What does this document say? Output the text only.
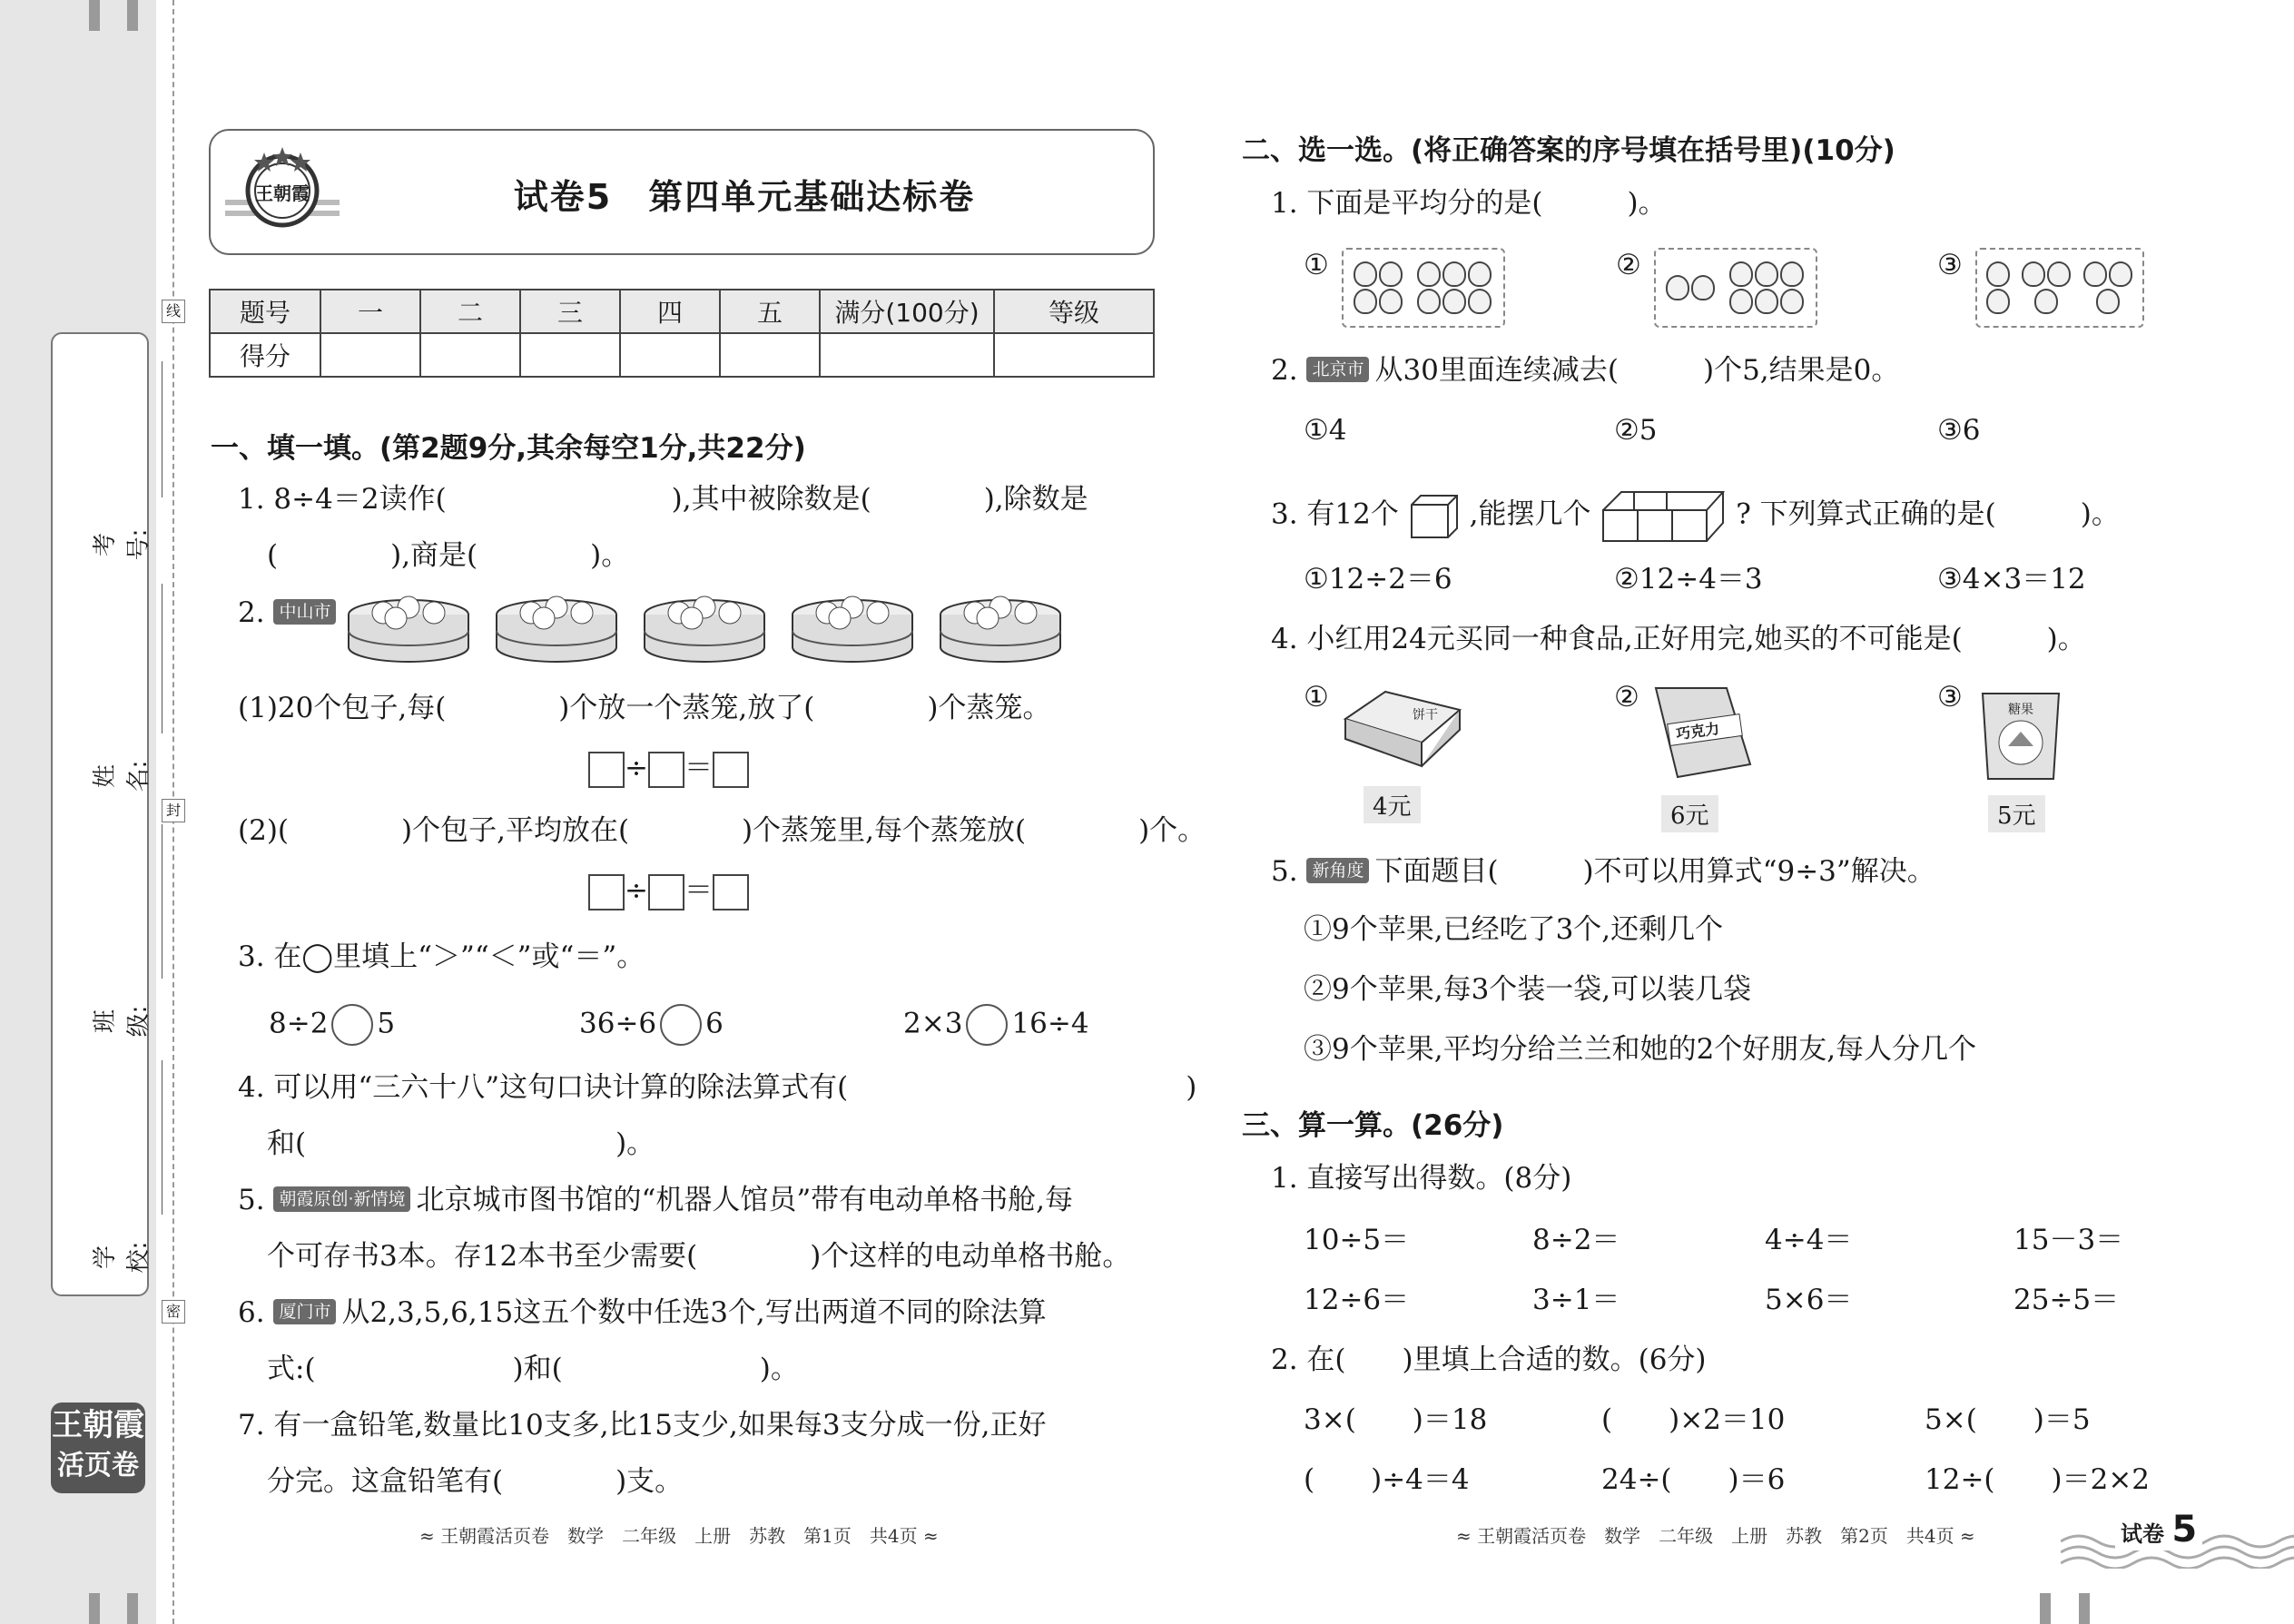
线
封
密
考号:
姓名:
班级:
学校:
王朝霞
活页卷
王朝霞	试卷5　第四单元基础达标卷
题号	一	二	三	四	五	满分(100分)	等级
得分							
一、填一填。(第2题9分,其余每空1分,共22分)
1. 8÷4＝2读作(　　　　　　　　),其中被除数是(　　　　),除数是
(　　　　),商是(　　　　)。
2. 中山市
(1)20个包子,每(　　　　)个放一个蒸笼,放了(　　　　)个蒸笼。
÷ ＝
(2)(　　　　)个包子,平均放在(　　　　)个蒸笼里,每个蒸笼放(　　　　)个。
÷ ＝
3. 在◯里填上“＞”“＜”或“＝”。
8÷2 5	36÷6 6	2×3 16÷4
4. 可以用“三六十八”这句口诀计算的除法算式有(　　　　　　　　　　　　)
和(　　　　　　　　　　　)。
5. 朝霞原创·新情境 北京城市图书馆的“机器人馆员”带有电动单格书舱,每
个可存书3本。存12本书至少需要(　　　　)个这样的电动单格书舱。
6. 厦门市 从2,3,5,6,15这五个数中任选3个,写出两道不同的除法算
式:(　　　　　　　)和(　　　　　　　)。
7. 有一盒铅笔,数量比10支多,比15支少,如果每3支分成一份,正好
分完。这盒铅笔有(　　　　)支。
≈ 王朝霞活页卷　数学　二年级　上册　苏教　第1页　共4页 ≈
二、选一选。(将正确答案的序号填在括号里)(10分)
1. 下面是平均分的是(　　　)。
①	②	③
2. 北京市 从30里面连续减去(　　　)个5,结果是0。
①4	②5	③6
3. 有12个	,能摆几个	? 下列算式正确的是(　　　)。
①12÷2＝6	②12÷4＝3	③4×3＝12
4. 小红用24元买同一种食品,正好用完,她买的不可能是(　　　)。
①
饼干
4元
②
巧克力
6元
③	糖果
5元
5. 新角度 下面题目(　　　)不可以用算式“9÷3”解决。
①9个苹果,已经吃了3个,还剩几个
②9个苹果,每3个装一袋,可以装几袋
③9个苹果,平均分给兰兰和她的2个好朋友,每人分几个
三、算一算。(26分)
1. 直接写出得数。(8分)
10÷5＝	8÷2＝	4÷4＝	15－3＝
12÷6＝	3÷1＝	5×6＝	25÷5＝
2. 在(　　)里填上合适的数。(6分)
3×(　　)＝18	(　　)×2＝10	5×(　　)＝5
(　　)÷4＝4	24÷(　　)＝6	12÷(　　)＝2×2
≈ 王朝霞活页卷　数学　二年级　上册　苏教　第2页　共4页 ≈	试卷 5
